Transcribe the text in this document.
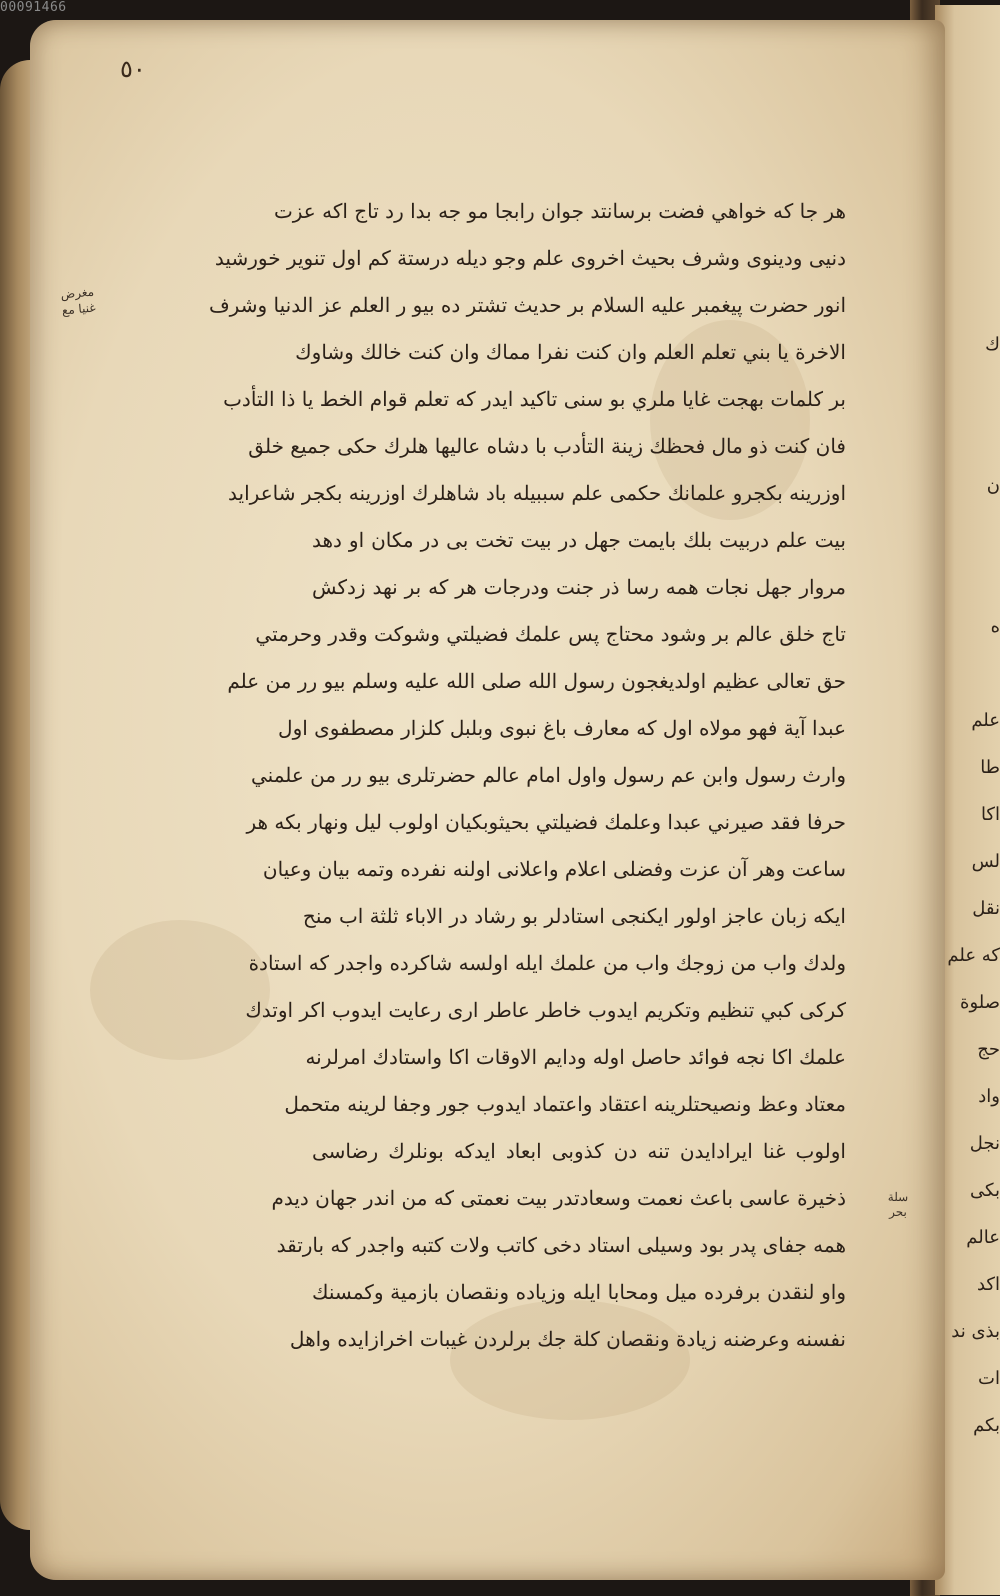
00091466
٥٠
مغرض غنيا مع
سلة بحر
هر جا كه خواهي فضت برسانتد جوان رابجا مو جه بدا رد تاج اكه عزت
دنيى ودينوى وشرف بحيث اخروى علم وجو ديله درستة كم اول تنوير خورشيد
انور حضرت پيغمبر عليه السلام بر حديث تشتر ده بيو ر العلم عز الدنيا وشرف
الاخرة يا بني تعلم العلم وان كنت نفرا مماك وان كنت خالك وشاوك
بر كلمات بهجت غايا ملري بو سنى تاكيد ايدر كه تعلم قوام الخط يا ذا التأدب
فان كنت ذو مال فحظك زينة التأدب با دشاه عاليها هلرك حكى جميع خلق
اوزرينه بكجرو علمانك حكمى علم سببيله باد شاهلرك اوزرينه بكجر شاعرايد
بيت علم دربيت بلك بايمت جهل در بيت تخت بى در مكان او دهد
مروار جهل نجات همه رسا ذر جنت ودرجات هر كه بر نهد زدكش
تاج خلق عالم بر وشود محتاج پس علمك فضيلتي وشوكت وقدر وحرمتي
حق تعالى عظيم اولديغجون رسول الله صلى الله عليه وسلم بيو رر من علم
عبدا آية فهو مولاه اول كه معارف باغ نبوى وبلبل كلزار مصطفوى اول
وارث رسول وابن عم رسول واول امام عالم حضرتلرى بيو رر من علمني
حرفا فقد صيرني عبدا وعلمك فضيلتي بحيثوبكيان اولوب ليل ونهار بكه هر
ساعت وهر آن عزت وفضلى اعلام واعلانى اولنه نفرده وتمه بيان وعيان
ايكه زبان عاجز اولور ايكنجى استادلر بو رشاد در الاباء ثلثة اب منح
ولدك واب من زوجك واب من علمك ايله اولسه شاكرده واجدر كه استادة
كركى كبي تنظيم وتكريم ايدوب خاطر عاطر ارى رعايت ايدوب اكر اوتدك
علمك اكا نجه فوائد حاصل اوله ودايم الاوقات اكا واستادك امرلرنه
معتاد وعظ ونصيحتلرينه اعتقاد واعتماد ايدوب جور وجفا لرينه متحمل
اولوب غنا ايرادايدن تنه دن كذوبى ابعاد ايدكه بونلرك رضاسى
ذخيرة عاسى باعث نعمت وسعادتدر بيت نعمتى كه من اندر جهان ديدم
همه جفاى پدر بود وسيلى استاد دخى كاتب ولات كتبه واجدر كه بارتقد
واو لنقدن برفرده ميل ومحابا ايله وزياده ونقصان بازمية وكمسنك
نفسنه وعرضنه زيادة ونقصان كلة جك برلردن غيبات اخرازايده واهل
ك
ن
ه
علم
طا
اكا
لس
نقل
كه علم
صلوة
حج
واد
نجل
بكى
عالم
اكد
بذى ند
ات
بكم
